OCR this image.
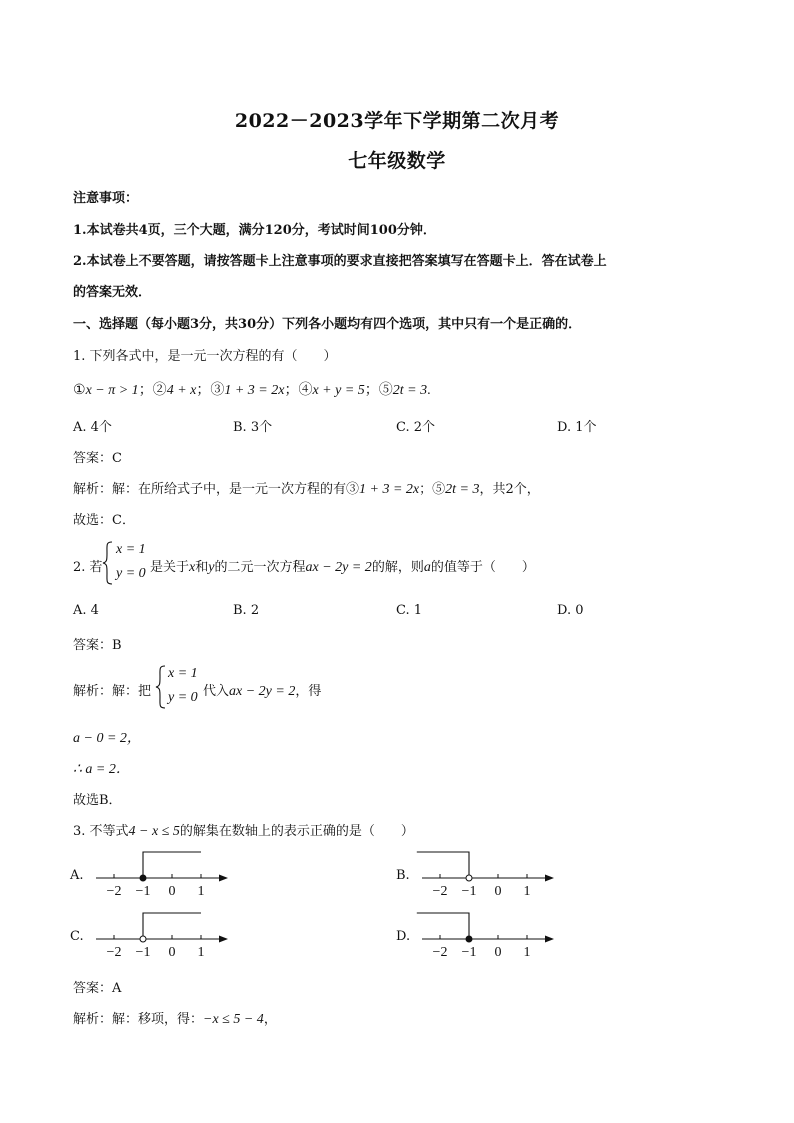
2022－2023学年下学期第二次月考
七年级数学
注意事项：
1.本试卷共4页，三个大题，满分120分，考试时间100分钟．
2.本试卷上不要答题，请按答题卡上注意事项的要求直接把答案填写在答题卡上．答在试卷上
的答案无效．
一、选择题（每小题3分，共30分）下列各小题均有四个选项，其中只有一个是正确的．
1. 下列各式中，是一元一次方程的有（　　）
①x − π > 1；②4 + x；③1 + 3 = 2x；④x + y = 5；⑤2t = 3.
A. 4个	B. 3个	C. 2个	D. 1个
答案：C
解析：解：在所给式子中，是一元一次方程的有③1 + 3 = 2x；⑤2t = 3，共2个，
故选：C．
2. 若
x = 1
y = 0 是关于x和y的二元一次方程ax − 2y = 2的解，则a的值等于（　　）
A. 4	B. 2	C. 1	D. 0
答案：B
解析：解：把
x = 1
y = 0 代入ax − 2y = 2，得
a − 0 = 2，
∴ a = 2．
故选B．
3. 不等式4 − x ≤ 5的解集在数轴上的表示正确的是（　　）
A.
−2 −1 0 1
B.
−2 −1 0 1
C.
−2 −1 0 1
D.
−2 −1 0 1
答案：A
解析：解：移项，得：−x ≤ 5 − 4，
